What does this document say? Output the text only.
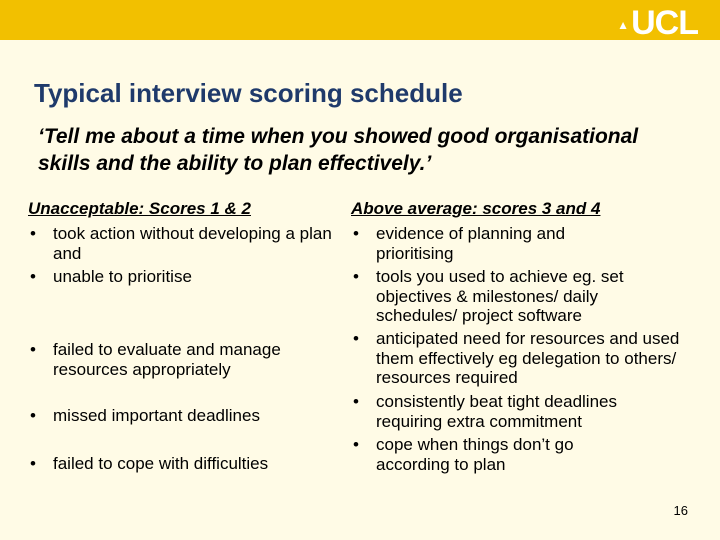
▲ UCL
Typical interview scoring schedule
‘Tell me about a time when you showed good organisational skills and the ability to plan effectively.’
Unacceptable: Scores 1 & 2
• took action without developing a plan and
• unable to prioritise
• failed to evaluate and manage resources appropriately
• missed important deadlines
• failed to cope with difficulties
Above average: scores 3 and 4
• evidence of planning and prioritising
• tools you used to achieve eg. set objectives & milestones/ daily schedules/ project software
• anticipated need for resources and used them effectively eg delegation to others/ resources required
• consistently beat tight deadlines requiring extra commitment
• cope when things don’t go according to plan
16
